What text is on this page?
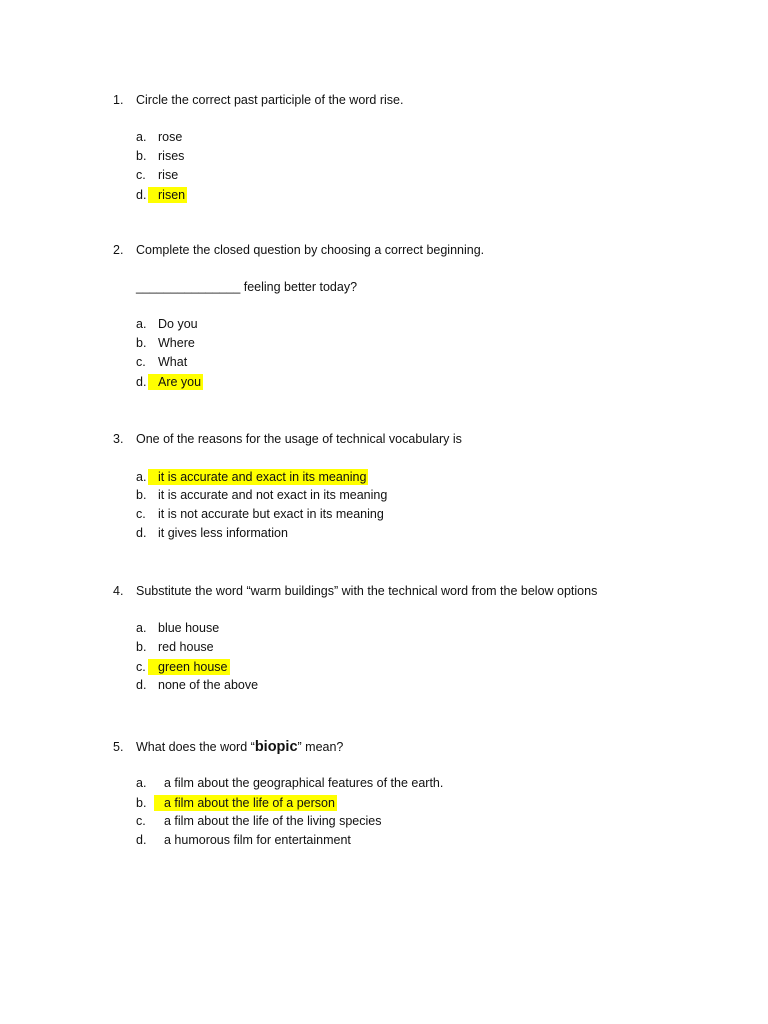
1.	Circle the correct past participle of the word rise.
a. rose
b. rises
c. rise
d. risen
2.	Complete the closed question by choosing a correct beginning.
_______________ feeling better today?
a. Do you
b. Where
c. What
d. Are you
3.	One of the reasons for the usage of technical vocabulary is
a. it is accurate and exact in its meaning
b. it is accurate and not exact in its meaning
c. it is not accurate but exact in its meaning
d. it gives less information
4.	Substitute the word “warm buildings” with the technical word from the below options
a. blue house
b. red house
c. green house
d. none of the above
5.	What does the word “biopic” mean?
a.	a film about the geographical features of the earth.
b.	a film about the life of a person
c.	a film about the life of the living species
d.	a humorous film for entertainment
